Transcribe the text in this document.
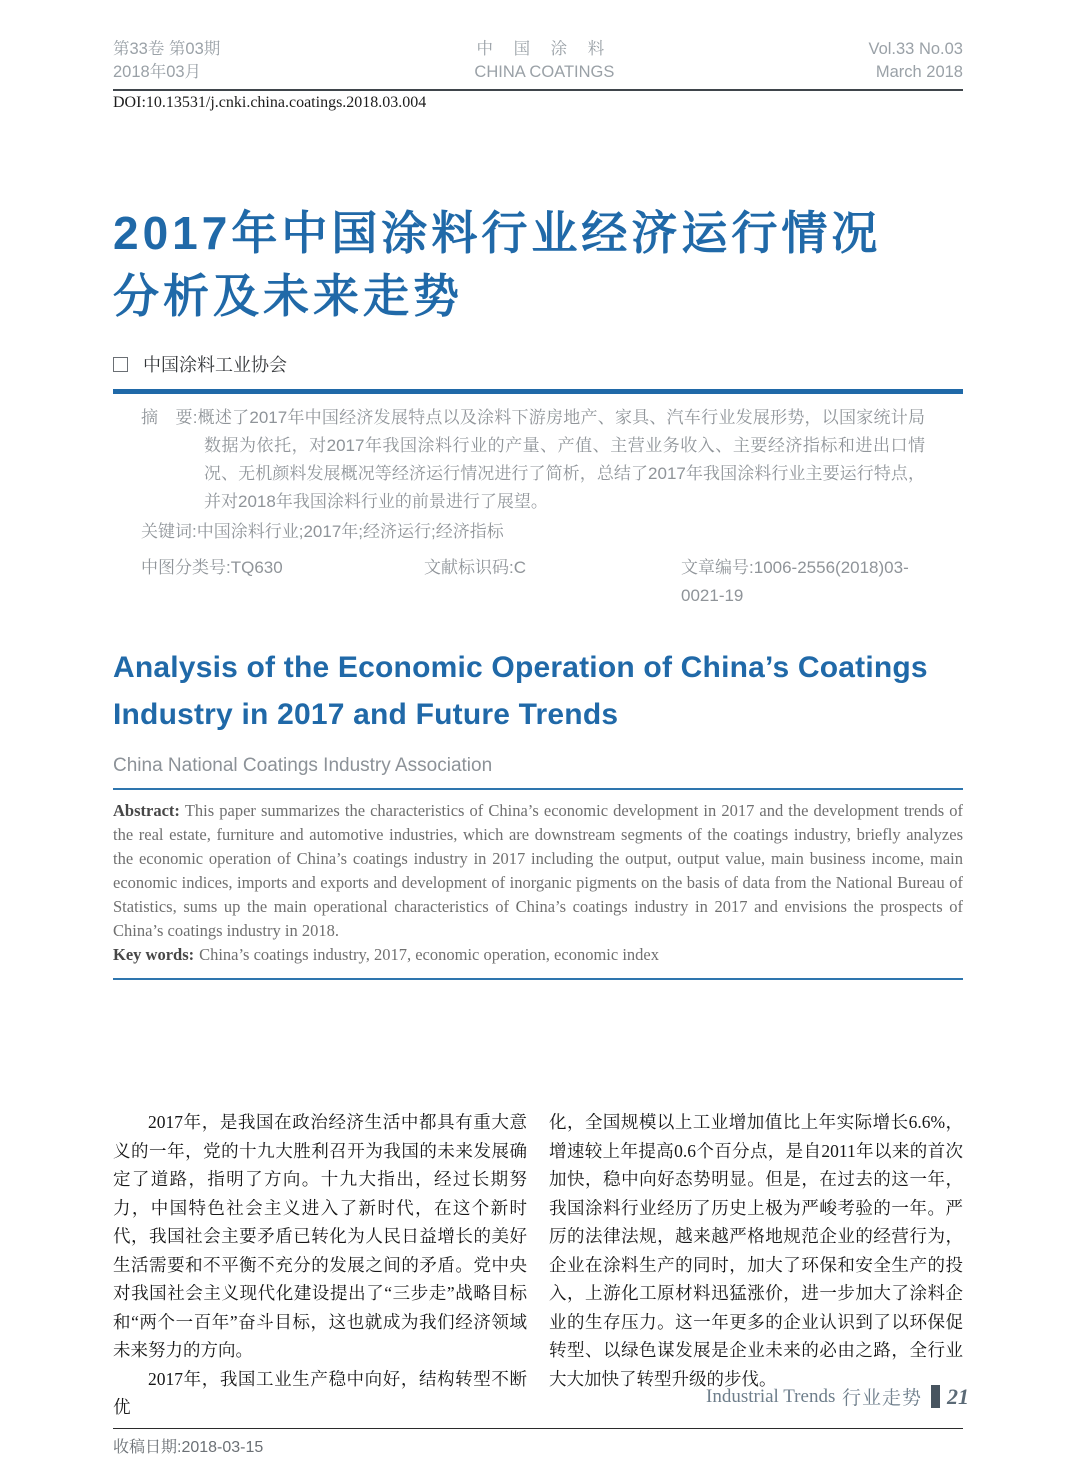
第33卷 第03期
2018年03月
中 国 涂 料
CHINA COATINGS
Vol.33 No.03
March 2018
DOI:10.13531/j.cnki.china.coatings.2018.03.004
2017年中国涂料行业经济运行情况
分析及未来走势
中国涂料工业协会

摘　要:概述了2017年中国经济发展特点以及涂料下游房地产、家具、汽车行业发展形势，以国家统计局数据为依托，对2017年我国涂料行业的产量、产值、主营业务收入、主要经济指标和进出口情况、无机颜料发展概况等经济运行情况进行了简析，总结了2017年我国涂料行业主要运行特点，并对2018年我国涂料行业的前景进行了展望。

关键词:中国涂料行业;2017年;经济运行;经济指标

中图分类号:TQ630	文献标识码:C	文章编号:1006-2556(2018)03-0021-19
Analysis of the Economic Operation of China’s Coatings Industry in 2017 and Future Trends
China National Coatings Industry Association

Abstract: This paper summarizes the characteristics of China’s economic development in 2017 and the development trends of the real estate, furniture and automotive industries, which are downstream segments of the coatings industry, briefly analyzes the economic operation of China’s coatings industry in 2017 including the output, output value, main business income, main economic indices, imports and exports and development of inorganic pigments on the basis of data from the National Bureau of Statistics, sums up the main operational characteristics of China’s coatings industry in 2017 and envisions the prospects of China’s coatings industry in 2018.

Key words: China’s coatings industry, 2017, economic operation, economic index

2017年，是我国在政治经济生活中都具有重大意义的一年，党的十九大胜利召开为我国的未来发展确定了道路，指明了方向。十九大指出，经过长期努力，中国特色社会主义进入了新时代，在这个新时代，我国社会主要矛盾已转化为人民日益增长的美好生活需要和不平衡不充分的发展之间的矛盾。党中央对我国社会主义现代化建设提出了“三步走”战略目标和“两个一百年”奋斗目标，这也就成为我们经济领域未来努力的方向。

2017年，我国工业生产稳中向好，结构转型不断优

化，全国规模以上工业增加值比上年实际增长6.6%，增速较上年提高0.6个百分点，是自2011年以来的首次加快，稳中向好态势明显。但是，在过去的这一年，我国涂料行业经历了历史上极为严峻考验的一年。严厉的法律法规，越来越严格地规范企业的经营行为，企业在涂料生产的同时，加大了环保和安全生产的投入，上游化工原材料迅猛涨价，进一步加大了涂料企业的生存压力。这一年更多的企业认识到了以环保促转型、以绿色谋发展是企业未来的必由之路，全行业大大加快了转型升级的步伐。

收稿日期:2018-03-15
Industrial Trends 行业走势 21
